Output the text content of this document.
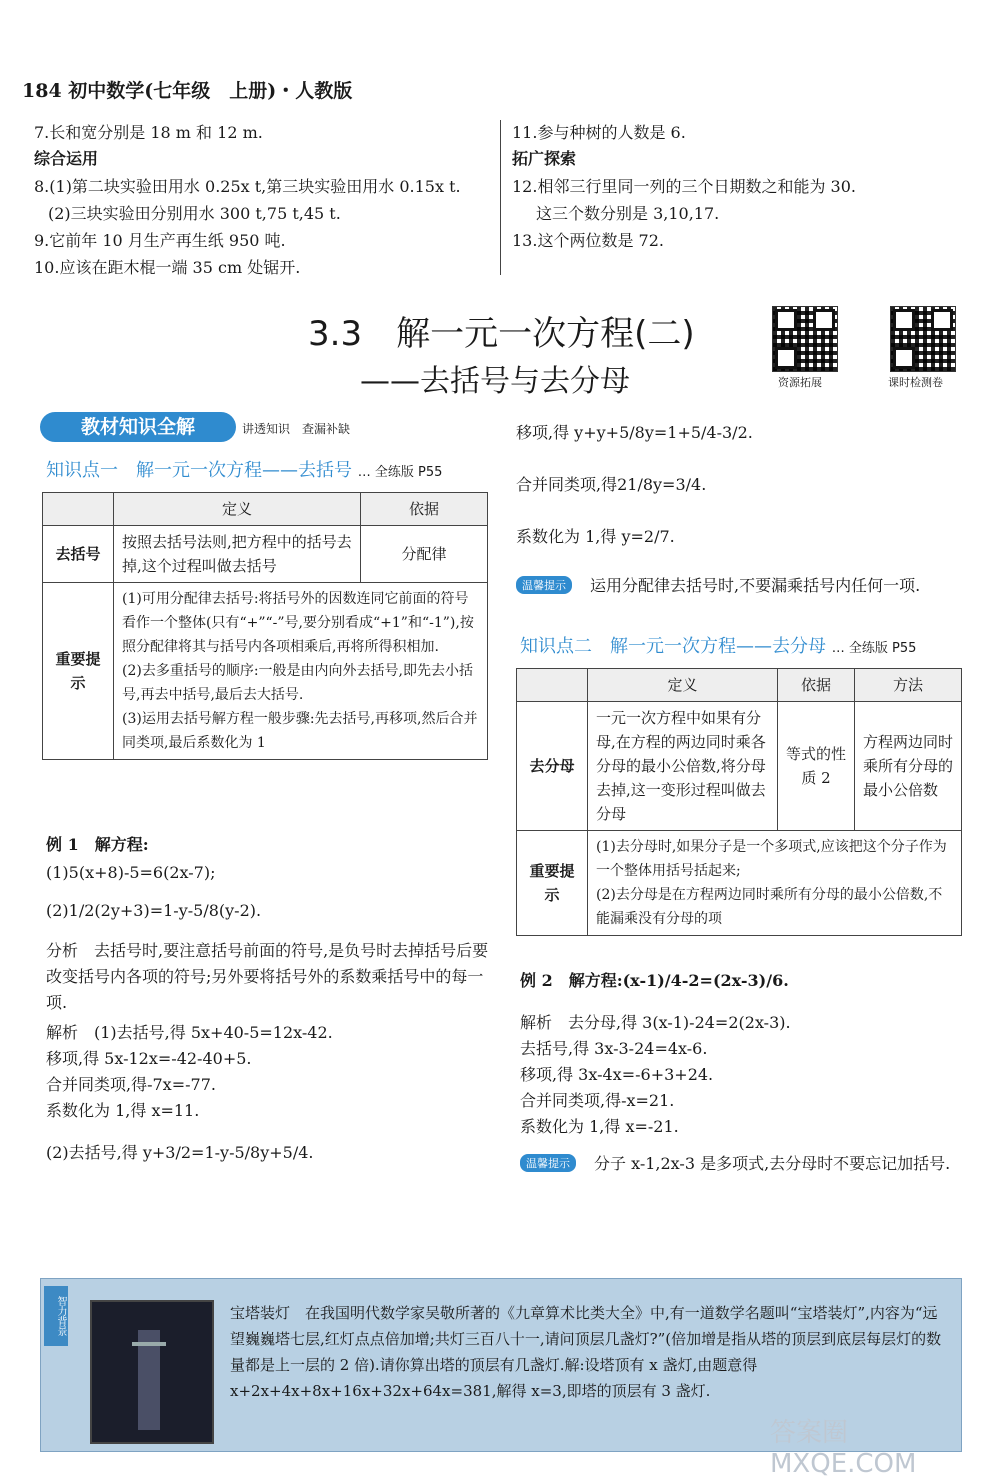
184 初中数学(七年级　上册)・人教版
7.长和宽分别是 18 m 和 12 m.
综合运用
8.(1)第二块实验田用水 0.25x t,第三块实验田用水 0.15x t.
(2)三块实验田分别用水 300 t,75 t,45 t.
9.它前年 10 月生产再生纸 950 吨.
10.应该在距木棍一端 35 cm 处锯开.
11.参与种树的人数是 6.
拓广探索
12.相邻三行里同一列的三个日期数之和能为 30.
这三个数分别是 3,10,17.
13.这个两位数是 72.
3.3　解一元一次方程(二)
——去括号与去分母	资源拓展	课时检测卷
教材知识全解	讲透知识　查漏补缺
知识点一　解一元一次方程——去括号 … 全练版 P55
	定义	依据
去括号	按照去括号法则,把方程中的括号去掉,这个过程叫做去括号	分配律
重要提示	(1)可用分配律去括号:将括号外的因数连同它前面的符号看作一个整体(只有“+”“-”号,要分别看成“+1”和“-1”),按照分配律将其与括号内各项相乘后,再将所得积相加.
(2)去多重括号的顺序:一般是由内向外去括号,即先去小括号,再去中括号,最后去大括号.
(3)运用去括号解方程一般步骤:先去括号,再移项,然后合并同类项,最后系数化为 1	
例 1　解方程:
(1)5(x+8)-5=6(2x-7);
(2)1/2(2y+3)=1-y-5/8(y-2).
分析　去括号时,要注意括号前面的符号,是负号时去掉括号后要改变括号内各项的符号;另外要将括号外的系数乘括号中的每一项.
解析　(1)去括号,得 5x+40-5=12x-42.
移项,得 5x-12x=-42-40+5.
合并同类项,得-7x=-77.
系数化为 1,得 x=11.
(2)去括号,得 y+3/2=1-y-5/8y+5/4.
移项,得 y+y+5/8y=1+5/4-3/2.
合并同类项,得21/8y=3/4.
系数化为 1,得 y=2/7.
温馨提示	运用分配律去括号时,不要漏乘括号内任何一项.
知识点二　解一元一次方程——去分母 … 全练版 P55
	定义	依据	方法
去分母	一元一次方程中如果有分母,在方程的两边同时乘各分母的最小公倍数,将分母去掉,这一变形过程叫做去分母	等式的性质 2	方程两边同时乘所有分母的最小公倍数
重要提示	(1)去分母时,如果分子是一个多项式,应该把这个分子作为一个整体用括号括起来;
(2)去分母是在方程两边同时乘所有分母的最小公倍数,不能漏乘没有分母的项		
例 2　解方程:(x-1)/4-2=(2x-3)/6.
解析　去分母,得 3(x-1)-24=2(2x-3).
去括号,得 3x-3-24=4x-6.
移项,得 3x-4x=-6+3+24.
合并同类项,得-x=21.
系数化为 1,得 x=-21.
温馨提示	分子 x-1,2x-3 是多项式,去分母时不要忘记加括号.
智力背景	宝塔装灯　在我国明代数学家吴敬所著的《九章算术比类大全》中,有一道数学名题叫“宝塔装灯”,内容为“远望巍巍塔七层,红灯点点倍加增;共灯三百八十一,请问顶层几盏灯?”(倍加增是指从塔的顶层到底层每层灯的数量都是上一层的 2 倍).请你算出塔的顶层有几盏灯.解:设塔顶有 x 盏灯,由题意得 x+2x+4x+8x+16x+32x+64x=381,解得 x=3,即塔的顶层有 3 盏灯.
答案圈 MXQE.COM
